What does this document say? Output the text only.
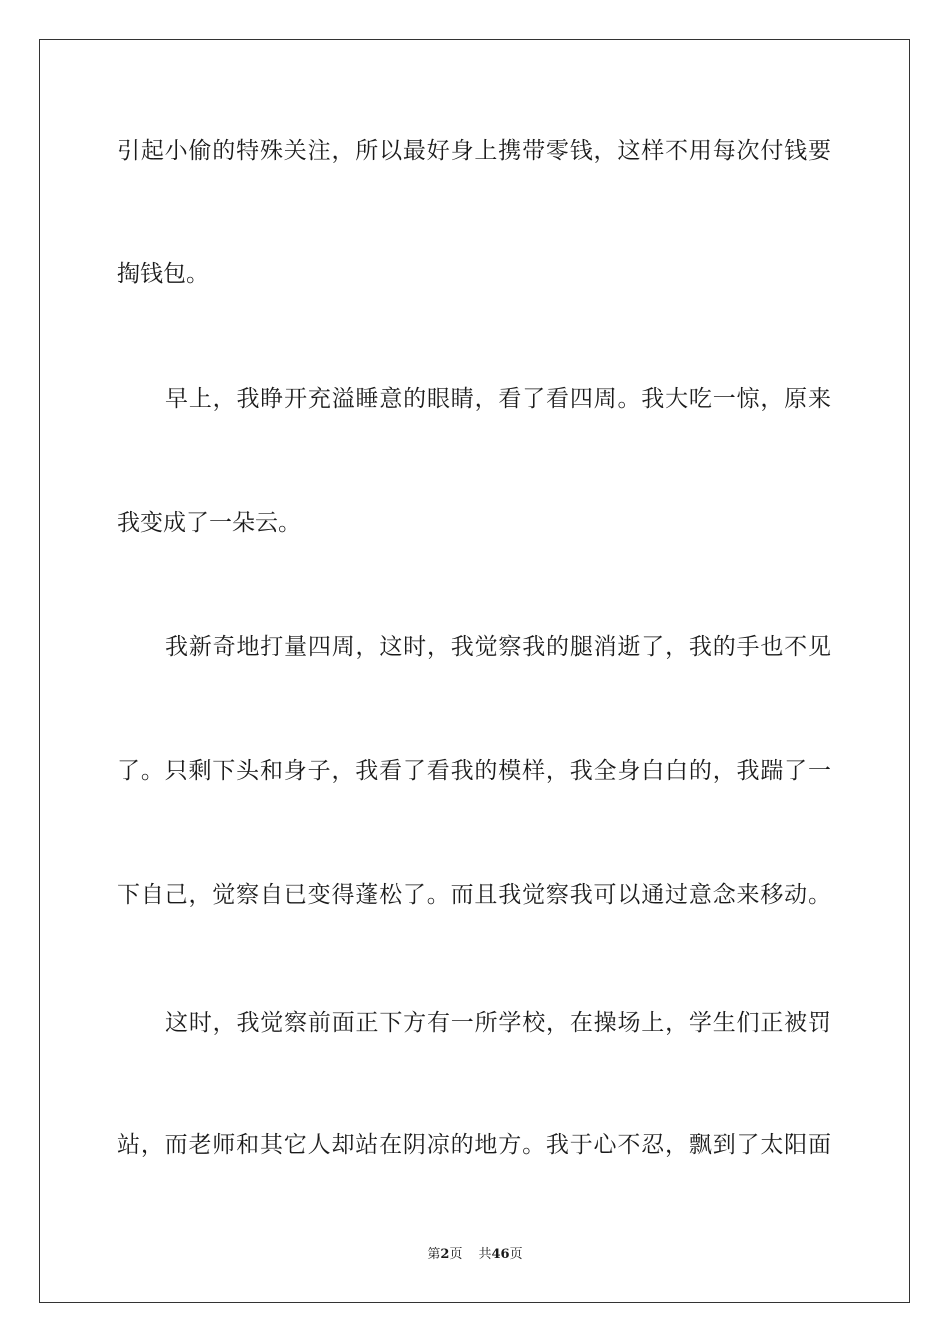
引起小偷的特殊关注，所以最好身上携带零钱，这样不用每次付钱要
掏钱包。
早上，我睁开充溢睡意的眼睛，看了看四周。我大吃一惊，原来
我变成了一朵云。
我新奇地打量四周，这时，我觉察我的腿消逝了，我的手也不见
了。只剩下头和身子，我看了看我的模样，我全身白白的，我踹了一
下自己，觉察自已变得蓬松了。而且我觉察我可以通过意念来移动。
这时，我觉察前面正下方有一所学校，在操场上，学生们正被罚
站，而老师和其它人却站在阴凉的地方。我于心不忍，飘到了太阳面
第2页 共46页
